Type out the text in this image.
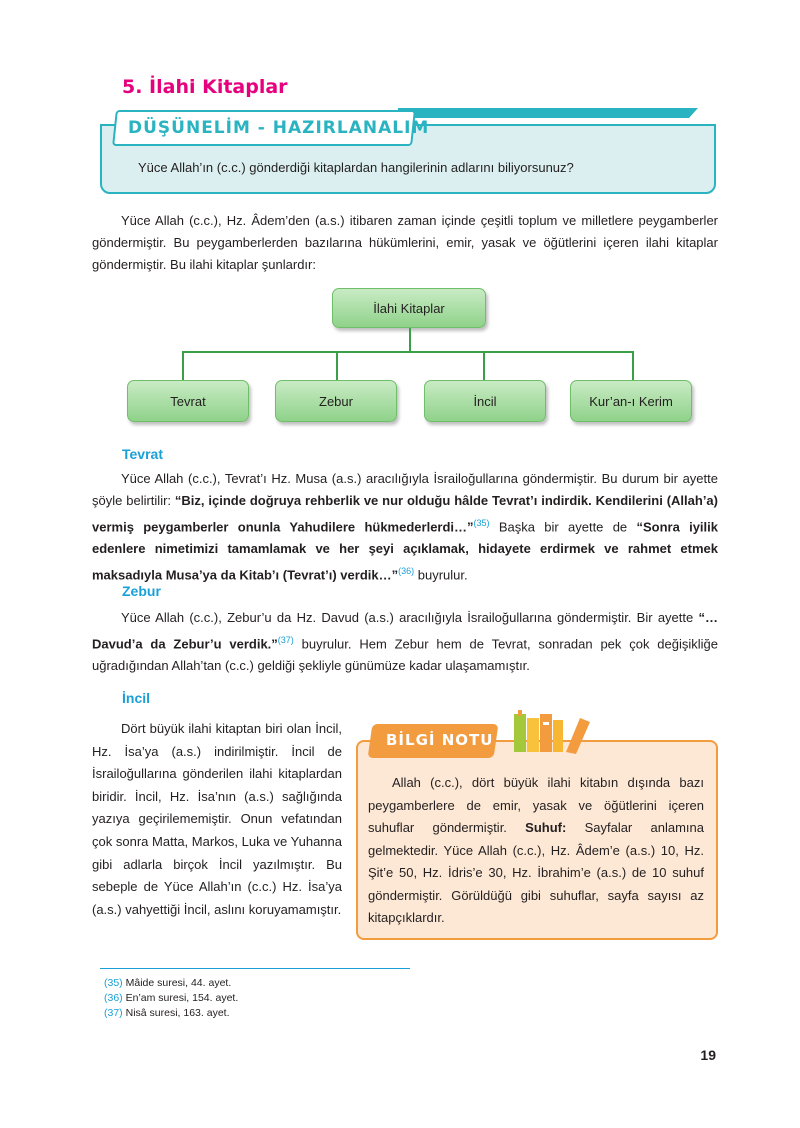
5. İlahi Kitaplar
DÜŞÜNELİM - HAZIRLANALIM
Yüce Allah’ın (c.c.) gönderdiği kitaplardan hangilerinin adlarını biliyorsunuz?

Yüce Allah (c.c.), Hz. Âdem’den (a.s.) itibaren zaman içinde çeşitli toplum ve milletlere peygamberler göndermiştir. Bu peygamberlerden bazılarına hükümlerini, emir, yasak ve öğütlerini içeren ilahi kitaplar göndermiştir. Bu ilahi kitaplar şunlardır:

İlahi Kitaplar
Tevrat	Zebur	İncil	Kur’an-ı Kerim
Tevrat

Yüce Allah (c.c.), Tevrat’ı Hz. Musa (a.s.) aracılığıyla İsrailoğullarına göndermiştir. Bu durum bir ayette şöyle belirtilir: “Biz, içinde doğruya rehberlik ve nur olduğu hâlde Tevrat’ı indirdik. Kendilerini (Allah’a) vermiş peygamberler onunla Yahudilere hükmederlerdi…”$^{(35)}$ Başka bir ayette de “Sonra iyilik edenlere nimetimizi tamamlamak ve her şeyi açıklamak, hidayete erdirmek ve rahmet etmek maksadıyla Musa’ya da Kitab’ı (Tevrat’ı) verdik…”$^{(36)}$ buyrulur.

Zebur

Yüce Allah (c.c.), Zebur’u da Hz. Davud (a.s.) aracılığıyla İsrailoğullarına göndermiştir. Bir ayette “… Davud’a da Zebur’u verdik.”$^{(37)}$ buyrulur. Hem Zebur hem de Tevrat, sonradan pek çok değişikliğe uğradığından Allah’tan (c.c.) geldiği şekliyle günümüze kadar ulaşamamıştır.

İncil

Dört büyük ilahi kitaptan biri olan İncil, Hz. İsa’ya (a.s.) indirilmiştir. İncil de İsrailoğullarına gönderilen ilahi kitaplardan biridir. İncil, Hz. İsa’nın (a.s.) sağlığında yazıya geçirilememiştir. Onun vefatından çok sonra Matta, Markos, Luka ve Yuhanna gibi adlarla birçok İncil yazılmıştır. Bu sebeple de Yüce Allah’ın (c.c.) Hz. İsa’ya (a.s.) vahyettiği İncil, aslını koruyamamıştır.

BİLGİ NOTU

Allah (c.c.), dört büyük ilahi kitabın dışında bazı peygamberlere de emir, yasak ve öğütlerini içeren suhuflar göndermiştir. Suhuf: Sayfalar anlamına gelmektedir. Yüce Allah (c.c.), Hz. Âdem’e (a.s.) 10, Hz. Şit’e 50, Hz. İdris’e 30, Hz. İbrahim’e (a.s.) de 10 suhuf göndermiştir. Görüldüğü gibi suhuflar, sayfa sayısı az kitapçıklardır.

(35) Mâide suresi, 44. ayet.
(36) En’am suresi, 154. ayet.
(37) Nisâ suresi, 163. ayet.
19
